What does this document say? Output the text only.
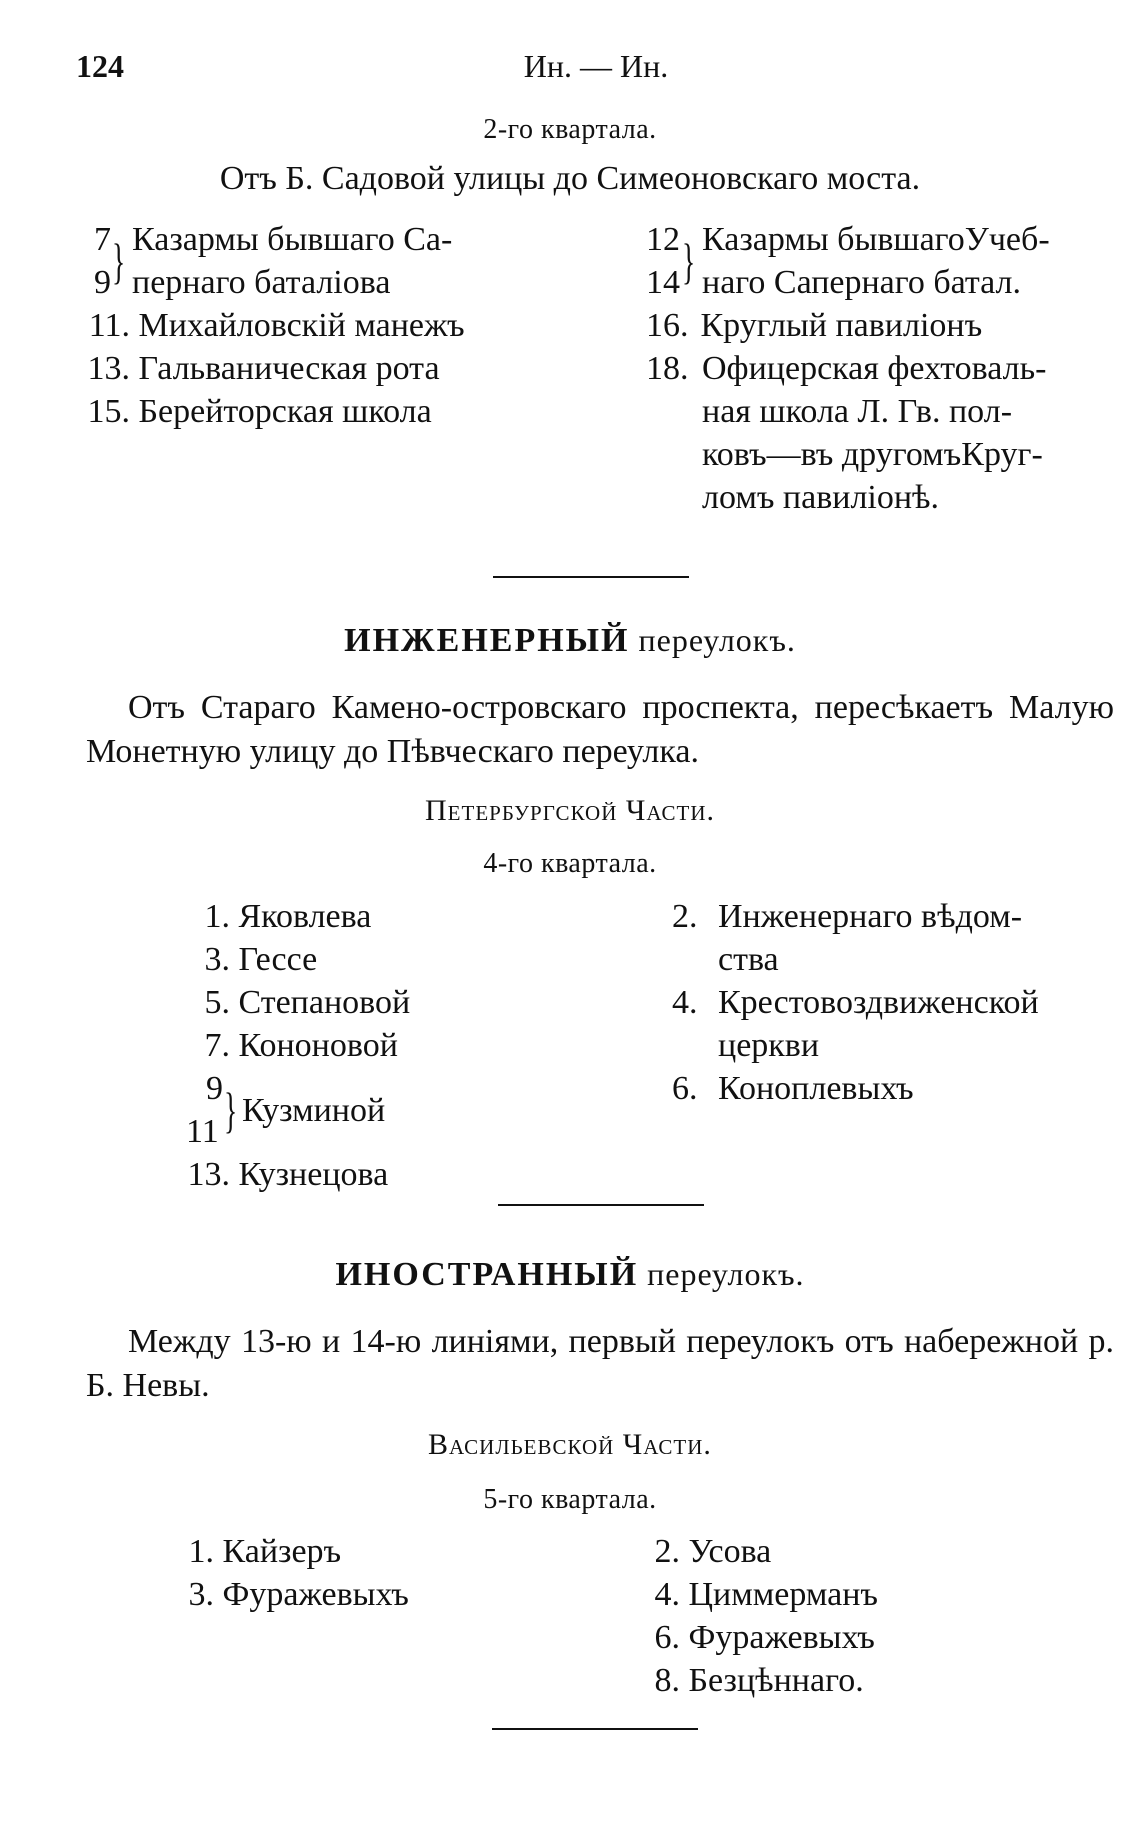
124	Ин. — Ин.
2-го квартала.
Отъ Б. Садовой улицы до Симеоновскаго моста.
7
9 } Казармы бывшаго Са-
пернаго баталіова
11. Михайловскій манежъ
13. Гальваническая рота
15. Берейторская школа
12
14 } Казармы бывшагоУчеб-
наго Сапернаго батал.
16. Круглый павиліонъ
18. Офицерская фехтоваль-
ная школа Л. Гв. пол-
ковъ—въ другомъКруг-
ломъ павиліонѣ.
ИНЖЕНЕРНЫЙ переулокъ.
Отъ Стараго Камено-островскаго проспекта, пересѣкаетъ Малую Монетную улицу до Пѣвческаго переулка.
Петербургской Части.
4-го квартала.
1. Яковлева
3. Гессе
5. Степановой
7. Кононовой
9
11 } Кузминой
13. Кузнецова
2. Инженернаго вѣдом-
ства
4. Крестовоздвиженской
церкви
6. Коноплевыхъ
ИНОСТРАННЫЙ переулокъ.
Между 13-ю и 14-ю линіями, первый переулокъ отъ набережной р. Б. Невы.
Васильевской Части.
5-го квартала.
1. Кайзеръ
3. Фуражевыхъ
2. Усова
4. Циммерманъ
6. Фуражевыхъ
8. Безцѣннаго.
